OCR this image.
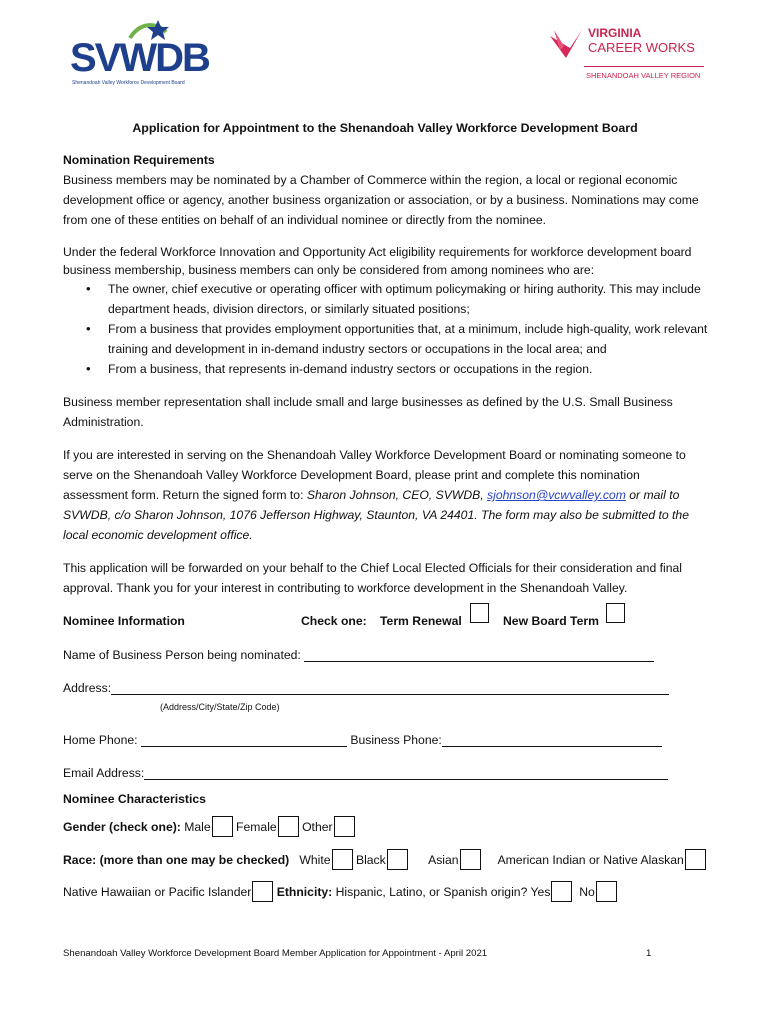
SVWDB
Shenandoah Valley Workforce Development Board
VIRGINIA
CAREER WORKS
SHENANDOAH VALLEY REGION
Application for Appointment to the Shenandoah Valley Workforce Development Board
Nomination Requirements
Business members may be nominated by a Chamber of Commerce within the region, a local or regional economic development office or agency, another business organization or association, or by a business. Nominations may come from one of these entities on behalf of an individual nominee or directly from the nominee.
Under the federal Workforce Innovation and Opportunity Act eligibility requirements for workforce development board business membership, business members can only be considered from among nominees who are:
• The owner, chief executive or operating officer with optimum policymaking or hiring authority. This may include department heads, division directors, or similarly situated positions;
• From a business that provides employment opportunities that, at a minimum, include high-quality, work relevant training and development in in-demand industry sectors or occupations in the local area; and
• From a business, that represents in-demand industry sectors or occupations in the region.
Business member representation shall include small and large businesses as defined by the U.S. Small Business Administration.
If you are interested in serving on the Shenandoah Valley Workforce Development Board or nominating someone to serve on the Shenandoah Valley Workforce Development Board, please print and complete this nomination assessment form. Return the signed form to: Sharon Johnson, CEO, SVWDB, sjohnson@vcwvalley.com or mail to SVWDB, c/o Sharon Johnson, 1076 Jefferson Highway, Staunton, VA 24401. The form may also be submitted to the local economic development office.
This application will be forwarded on your behalf to the Chief Local Elected Officials for their consideration and final approval. Thank you for your interest in contributing to workforce development in the Shenandoah Valley.
Nominee Information	Check one: Term Renewal	New Board Term
Name of Business Person being nominated:
Address:
(Address/City/State/Zip Code)
Home Phone:	Business Phone:
Email Address:
Nominee Characteristics
Gender (check one): Male Female Other
Race: (more than one may be checked) White Black	Asian	American Indian or Native Alaskan
Native Hawaiian or Pacific Islander Ethnicity: Hispanic, Latino, or Spanish origin? Yes No
Shenandoah Valley Workforce Development Board Member Application for Appointment - April 2021	1
